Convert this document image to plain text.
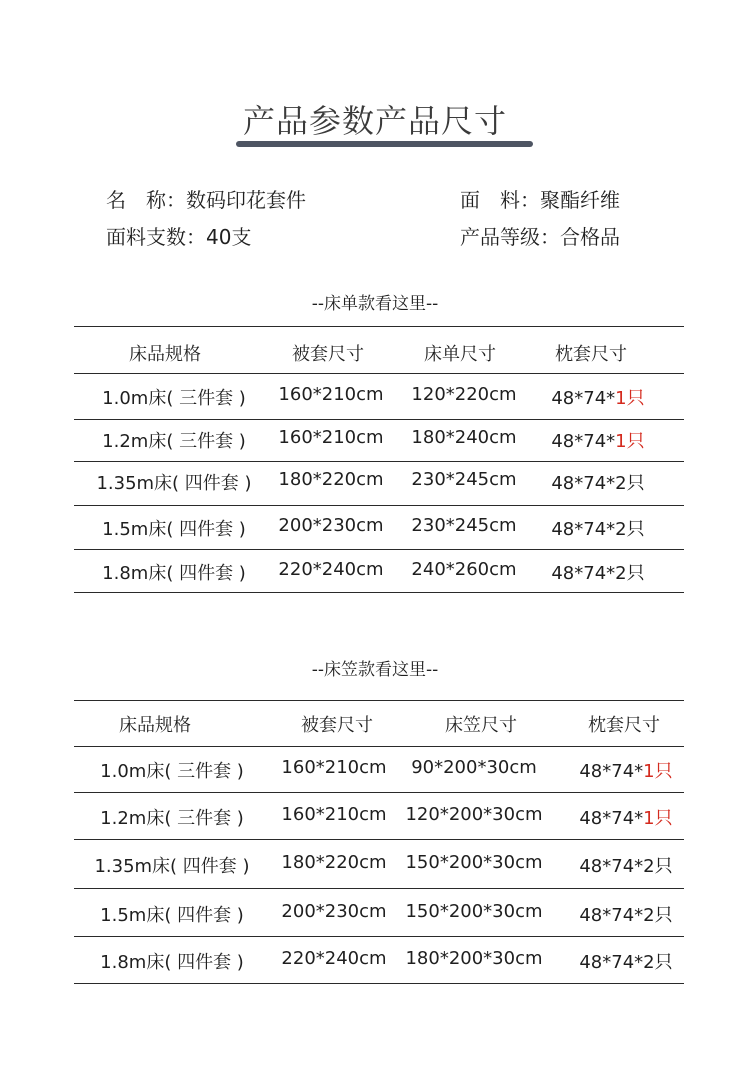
产品参数产品尺寸
名　称：数码印花套件	面　料：聚酯纤维
面料支数：40支	产品等级：合格品
--床单款看这里--
床品规格	被套尺寸	床单尺寸	枕套尺寸
1.0m床( 三件套 )	160*210cm	120*220cm	48*74*1只
1.2m床( 三件套 )	160*210cm	180*240cm	48*74*1只
1.35m床( 四件套 )	180*220cm	230*245cm	48*74*2只
1.5m床( 四件套 )	200*230cm	230*245cm	48*74*2只
1.8m床( 四件套 )	220*240cm	240*260cm	48*74*2只
--床笠款看这里--
床品规格	被套尺寸	床笠尺寸	枕套尺寸
1.0m床( 三件套 )	160*210cm	90*200*30cm	48*74*1只
1.2m床( 三件套 )	160*210cm	120*200*30cm	48*74*1只
1.35m床( 四件套 )	180*220cm	150*200*30cm	48*74*2只
1.5m床( 四件套 )	200*230cm	150*200*30cm	48*74*2只
1.8m床( 四件套 )	220*240cm	180*200*30cm	48*74*2只
